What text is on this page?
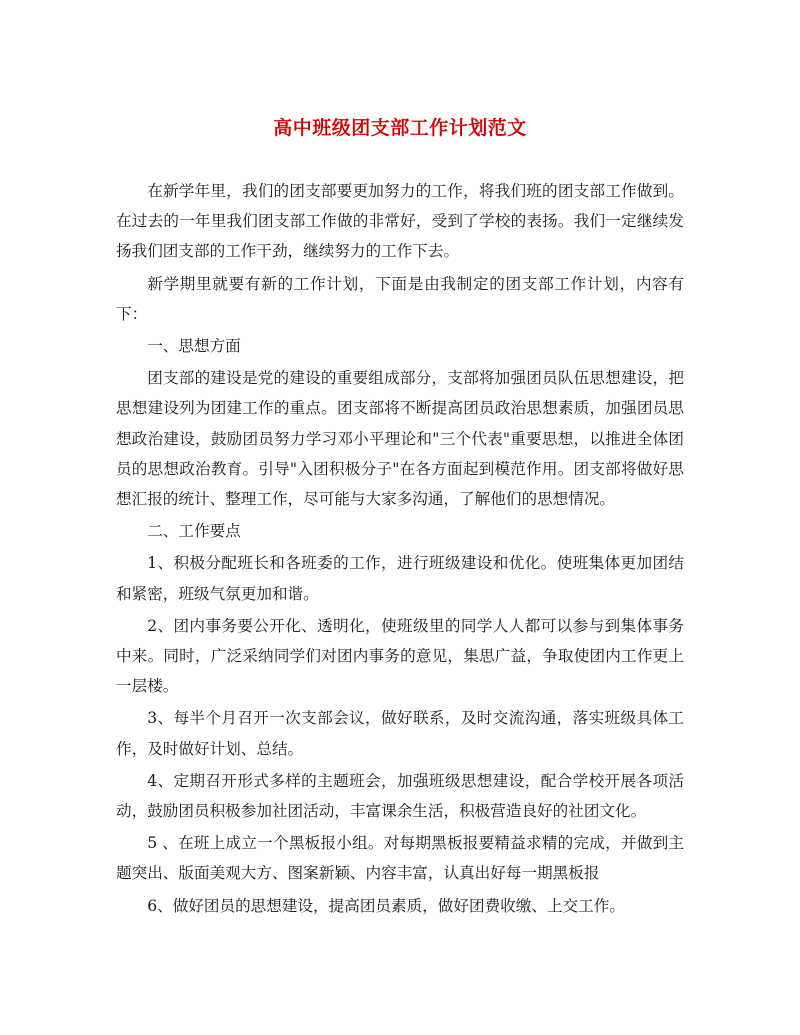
高中班级团支部工作计划范文

在新学年里，我们的团支部要更加努力的工作，将我们班的团支部工作做到。在过去的一年里我们团支部工作做的非常好，受到了学校的表扬。我们一定继续发扬我们团支部的工作干劲，继续努力的工作下去。

新学期里就要有新的工作计划，下面是由我制定的团支部工作计划，内容有下：

一、思想方面

团支部的建设是党的建设的重要组成部分，支部将加强团员队伍思想建设，把思想建设列为团建工作的重点。团支部将不断提高团员政治思想素质，加强团员思想政治建设，鼓励团员努力学习邓小平理论和"三个代表"重要思想，以推进全体团员的思想政治教育。引导"入团积极分子"在各方面起到模范作用。团支部将做好思想汇报的统计、整理工作，尽可能与大家多沟通，了解他们的思想情况。

二、工作要点

1、积极分配班长和各班委的工作，进行班级建设和优化。使班集体更加团结和紧密，班级气氛更加和谐。

2、团内事务要公开化、透明化，使班级里的同学人人都可以参与到集体事务中来。同时，广泛采纳同学们对团内事务的意见，集思广益，争取使团内工作更上一层楼。

3、每半个月召开一次支部会议，做好联系，及时交流沟通，落实班级具体工作，及时做好计划、总结。

4、定期召开形式多样的主题班会，加强班级思想建设，配合学校开展各项活动，鼓励团员积极参加社团活动，丰富课余生活，积极营造良好的社团文化。

5 、在班上成立一个黑板报小组。对每期黑板报要精益求精的完成，并做到主题突出、版面美观大方、图案新颖、内容丰富，认真出好每一期黑板报

6、做好团员的思想建设，提高团员素质，做好团费收缴、上交工作。
